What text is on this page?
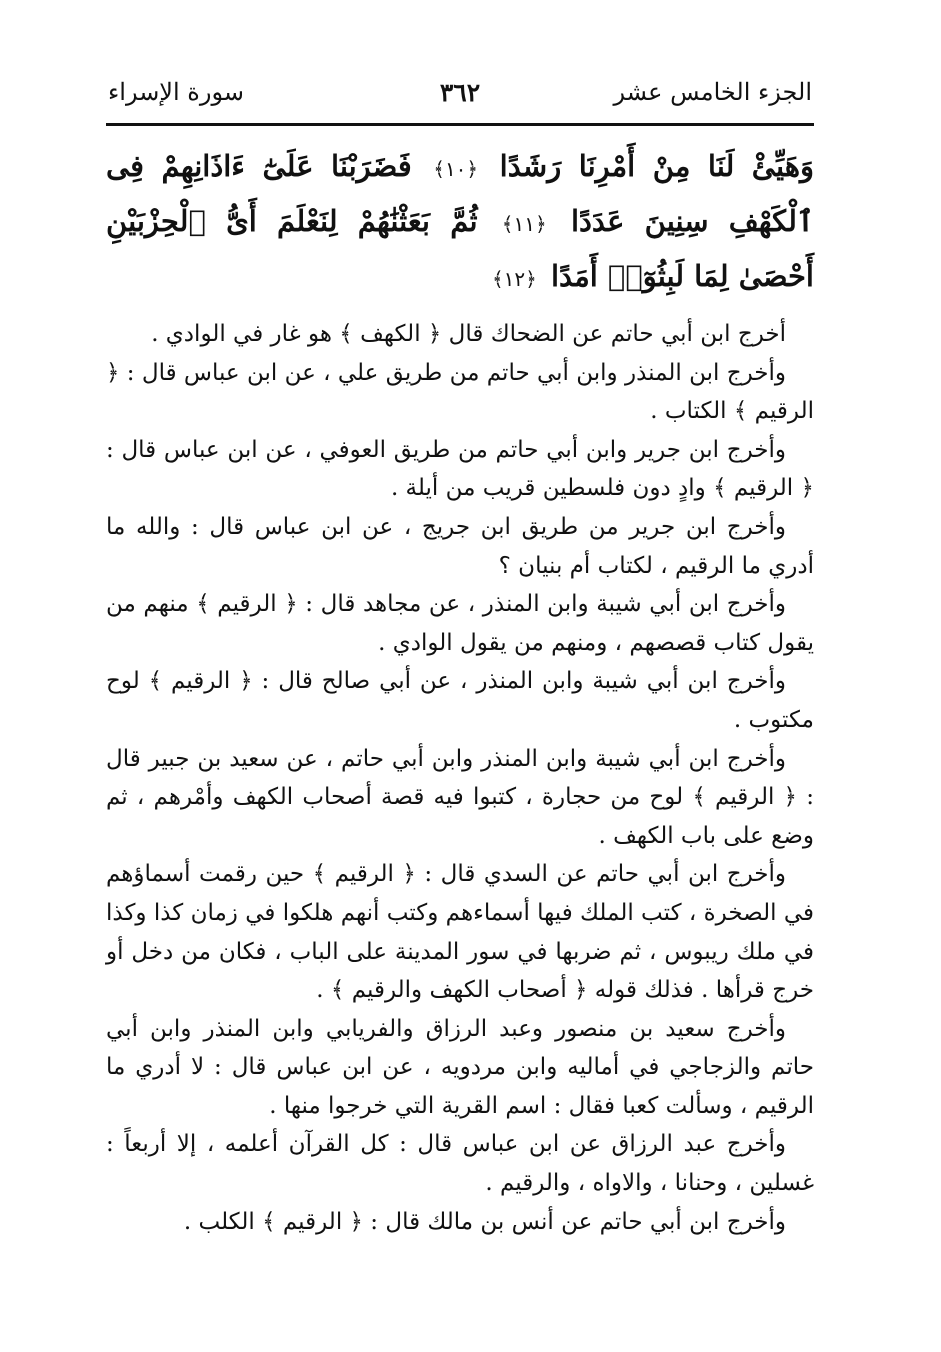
الجزء الخامس عشر
٣٦٢
سورة الإسراء
وَهَيِّئْ لَنَا مِنْ أَمْرِنَا رَشَدًا ﴿١٠﴾ فَضَرَبْنَا عَلَىٰٓ ءَاذَانِهِمْ فِى ٱلْكَهْفِ سِنِينَ عَدَدًا ﴿١١﴾ ثُمَّ بَعَثْنَٰهُمْ لِنَعْلَمَ أَىُّ ٱلْحِزْبَيْنِ أَحْصَىٰ لِمَا لَبِثُوٓا۟ أَمَدًا ﴿١٢﴾

أخرج ابن أبي حاتم عن الضحاك قال ﴿ الكهف ﴾ هو غار في الوادي .

وأخرج ابن المنذر وابن أبي حاتم من طريق علي ، عن ابن عباس قال : ﴿ الرقيم ﴾ الكتاب .

وأخرج ابن جرير وابن أبي حاتم من طريق العوفي ، عن ابن عباس قال : ﴿ الرقيم ﴾ وادٍ دون فلسطين قريب من أيلة .

وأخرج ابن جرير من طريق ابن جريج ، عن ابن عباس قال : والله ما أدري ما الرقيم ، لكتاب أم بنيان ؟

وأخرج ابن أبي شيبة وابن المنذر ، عن مجاهد قال : ﴿ الرقيم ﴾ منهم من يقول كتاب قصصهم ، ومنهم من يقول الوادي .

وأخرج ابن أبي شيبة وابن المنذر ، عن أبي صالح قال : ﴿ الرقيم ﴾ لوح مكتوب .

وأخرج ابن أبي شيبة وابن المنذر وابن أبي حاتم ، عن سعيد بن جبير قال : ﴿ الرقيم ﴾ لوح من حجارة ، كتبوا فيه قصة أصحاب الكهف وأمْرهم ، ثم وضع على باب الكهف .

وأخرج ابن أبي حاتم عن السدي قال : ﴿ الرقيم ﴾ حين رقمت أسماؤهم في الصخرة ، كتب الملك فيها أسماءهم وكتب أنهم هلكوا في زمان كذا وكذا في ملك ريبوس ، ثم ضربها في سور المدينة على الباب ، فكان من دخل أو خرج قرأها . فذلك قوله ﴿ أصحاب الكهف والرقيم ﴾ .

وأخرج سعيد بن منصور وعبد الرزاق والفريابي وابن المنذر وابن أبي حاتم والزجاجي في أماليه وابن مردويه ، عن ابن عباس قال : لا أدري ما الرقيم ، وسألت كعبا فقال : اسم القرية التي خرجوا منها .

وأخرج عبد الرزاق عن ابن عباس قال : كل القرآن أعلمه ، إلا أربعاً : غسلين ، وحنانا ، والاواه ، والرقيم .

وأخرج ابن أبي حاتم عن أنس بن مالك قال : ﴿ الرقيم ﴾ الكلب .
